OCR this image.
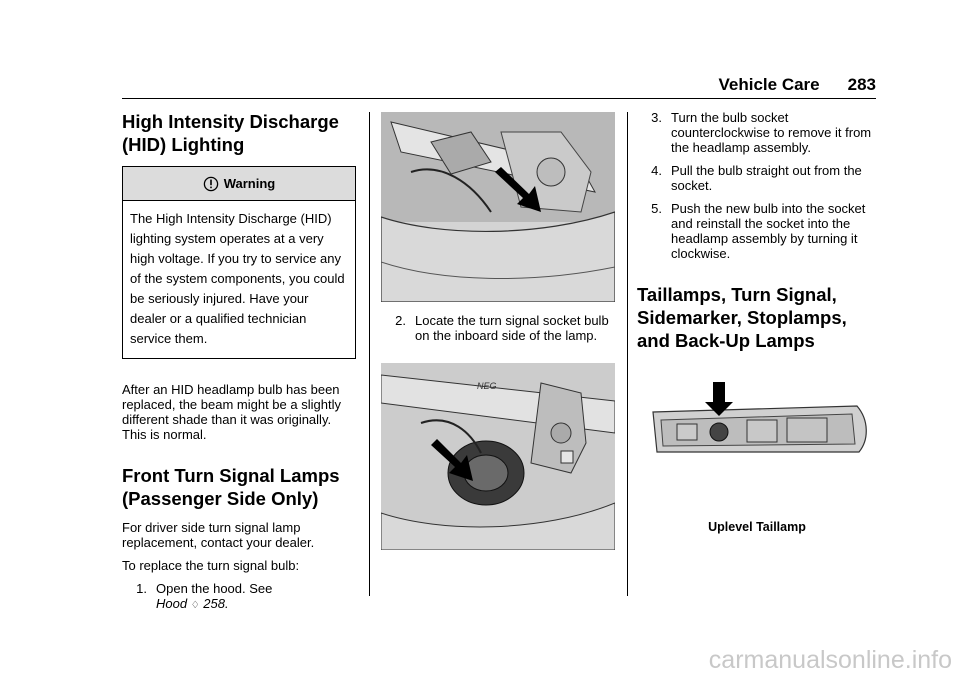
Vehicle Care 283
High Intensity Discharge (HID) Lighting
Warning
The High Intensity Discharge (HID) lighting system operates at a very high voltage. If you try to service any of the system components, you could be seriously injured. Have your dealer or a qualified technician service them.

After an HID headlamp bulb has been replaced, the beam might be a slightly different shade than it was originally. This is normal.

Front Turn Signal Lamps (Passenger Side Only)

For driver side turn signal lamp replacement, contact your dealer.

To replace the turn signal bulb:

1. Open the hood. See
Hood ♢ 258.
2. Locate the turn signal socket bulb on the inboard side of the lamp.
NEG
3. Turn the bulb socket counterclockwise to remove it from the headlamp assembly.
4. Pull the bulb straight out from the socket.
5. Push the new bulb into the socket and reinstall the socket into the headlamp assembly by turning it clockwise.
Taillamps, Turn Signal, Sidemarker, Stoplamps, and Back-Up Lamps
Uplevel Taillamp
carmanualsonline.info
